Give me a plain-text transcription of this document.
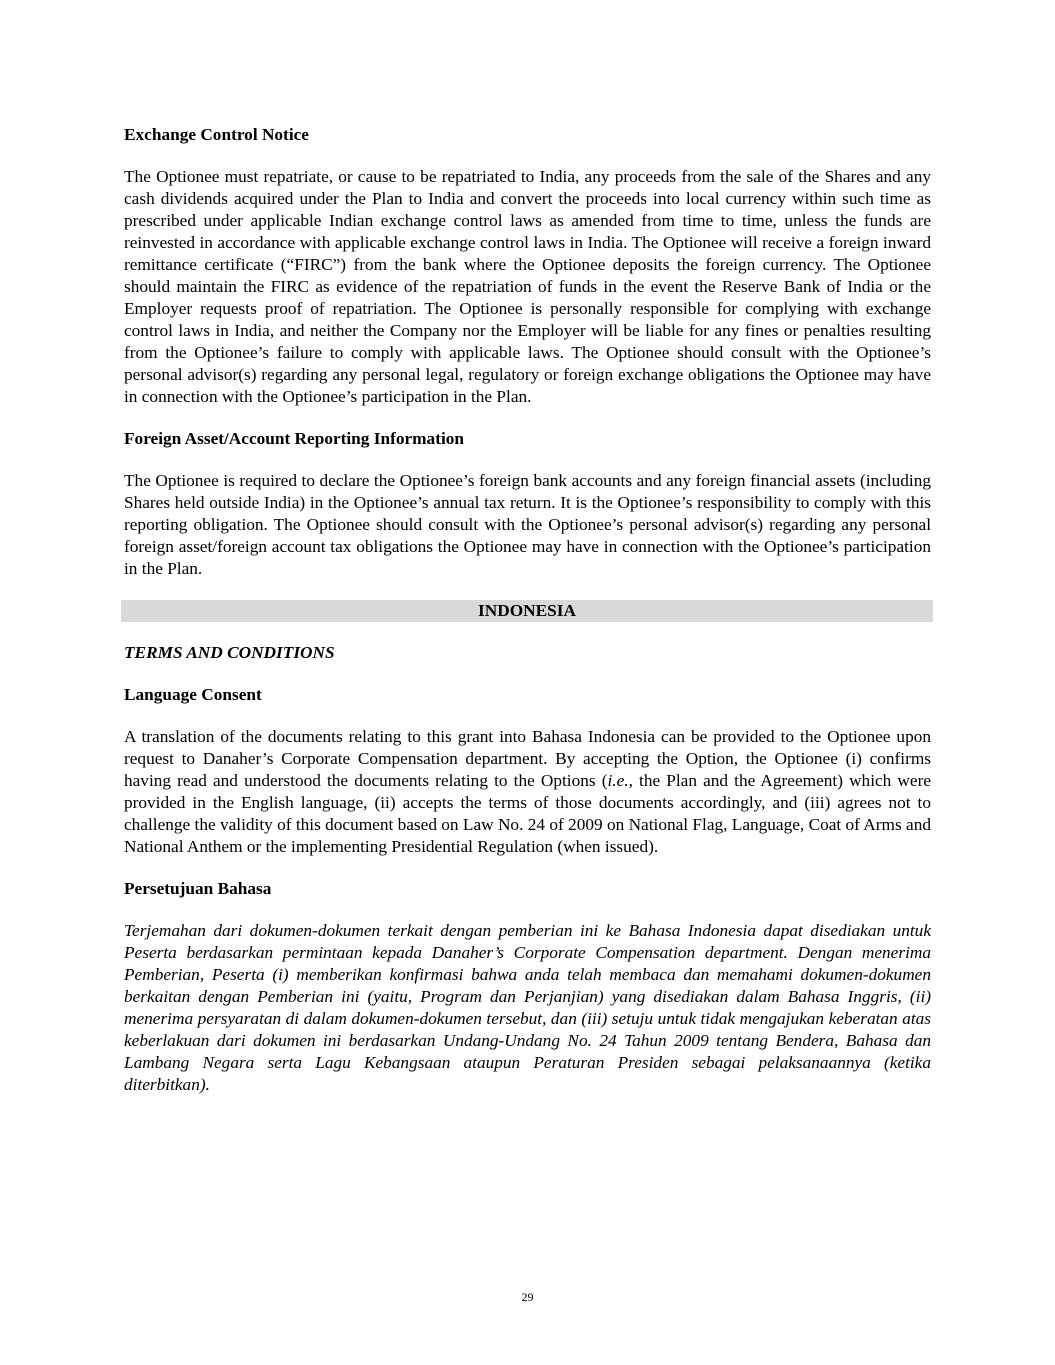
Exchange Control Notice

The Optionee must repatriate, or cause to be repatriated to India, any proceeds from the sale of the Shares and any cash dividends acquired under the Plan to India and convert the proceeds into local currency within such time as prescribed under applicable Indian exchange control laws as amended from time to time, unless the funds are reinvested in accordance with applicable exchange control laws in India. The Optionee will receive a foreign inward remittance certificate (“FIRC”) from the bank where the Optionee deposits the foreign currency. The Optionee should maintain the FIRC as evidence of the repatriation of funds in the event the Reserve Bank of India or the Employer requests proof of repatriation. The Optionee is personally responsible for complying with exchange control laws in India, and neither the Company nor the Employer will be liable for any fines or penalties resulting from the Optionee’s failure to comply with applicable laws. The Optionee should consult with the Optionee’s personal advisor(s) regarding any personal legal, regulatory or foreign exchange obligations the Optionee may have in connection with the Optionee’s participation in the Plan.

Foreign Asset/Account Reporting Information

The Optionee is required to declare the Optionee’s foreign bank accounts and any foreign financial assets (including Shares held outside India) in the Optionee’s annual tax return. It is the Optionee’s responsibility to comply with this reporting obligation. The Optionee should consult with the Optionee’s personal advisor(s) regarding any personal foreign asset/foreign account tax obligations the Optionee may have in connection with the Optionee’s participation in the Plan.

INDONESIA
TERMS AND CONDITIONS
Language Consent

A translation of the documents relating to this grant into Bahasa Indonesia can be provided to the Optionee upon request to Danaher’s Corporate Compensation department. By accepting the Option, the Optionee (i) confirms having read and understood the documents relating to the Options (i.e., the Plan and the Agreement) which were provided in the English language, (ii) accepts the terms of those documents accordingly, and (iii) agrees not to challenge the validity of this document based on Law No. 24 of 2009 on National Flag, Language, Coat of Arms and National Anthem or the implementing Presidential Regulation (when issued).

Persetujuan Bahasa

Terjemahan dari dokumen-dokumen terkait dengan pemberian ini ke Bahasa Indonesia dapat disediakan untuk Peserta berdasarkan permintaan kepada Danaher’s Corporate Compensation department. Dengan menerima Pemberian, Peserta (i) memberikan konfirmasi bahwa anda telah membaca dan memahami dokumen-dokumen berkaitan dengan Pemberian ini (yaitu, Program dan Perjanjian) yang disediakan dalam Bahasa Inggris, (ii) menerima persyaratan di dalam dokumen-dokumen tersebut, dan (iii) setuju untuk tidak mengajukan keberatan atas keberlakuan dari dokumen ini berdasarkan Undang-Undang No. 24 Tahun 2009 tentang Bendera, Bahasa dan Lambang Negara serta Lagu Kebangsaan ataupun Peraturan Presiden sebagai pelaksanaannya (ketika diterbitkan).

29
